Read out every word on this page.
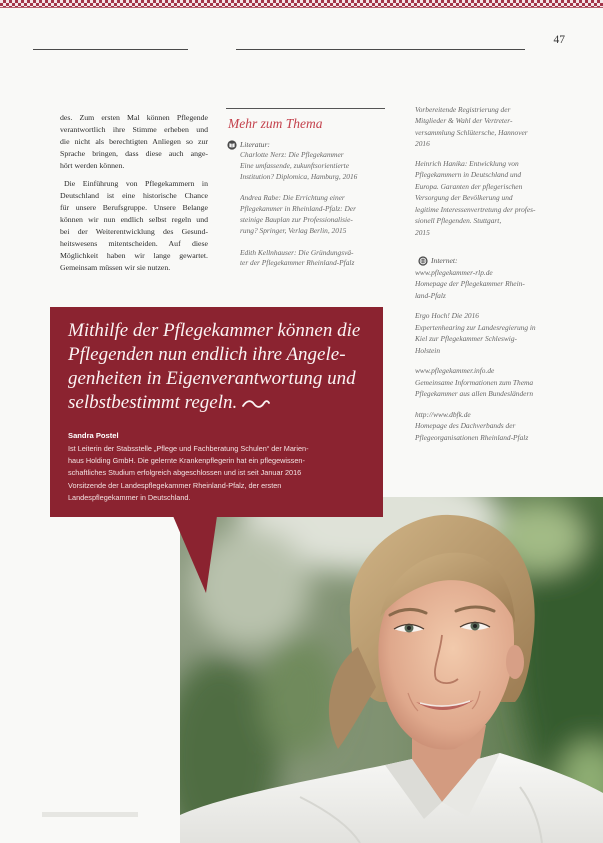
47
des. Zum ersten Mal können Pflegende
verantwortlich ihre Stimme erheben und
die nicht als berechtigten Anliegen so zur
Sprache bringen, dass diese auch ange-
hört werden können.
Die Einführung von Pflegekammern in
Deutschland ist eine historische Chance
für unsere Berufsgruppe. Unsere Belange
können wir nun endlich selbst regeln und
bei der Weiterentwicklung des Gesund-
heitswesens mitentscheiden. Auf diese
Möglichkeit haben wir lange gewartet.
Gemeinsam müssen wir sie nutzen.
Mehr zum Thema
Literatur:
Charlotte Nerz: Die Pflegekammer
Eine umfassende, zukunftsorientierte
Institution? Diplomica, Hamburg, 2016
Andrea Rabe: Die Errichtung einer
Pflegekammer in Rheinland-Pfalz: Der
steinige Bauplan zur Professionalisie-
rung? Springer, Verlag Berlin, 2015
Edith Kellnhauser: Die Gründungsvä-
ter der Pflegekammer Rheinland-Pfalz
Vorbereitende Registrierung der
Mitglieder & Wahl der Vertreter-
versammlung Schlütersche, Hannover
2016
Heinrich Hanika: Entwicklung von
Pflegekammern in Deutschland und
Europa. Garanten der pflegerischen
Versorgung der Bevölkerung und
legitime Interessenvertretung der profes-
sionell Pflegenden. Stuttgart,
2015
Internet:
www.pflegekammer-rlp.de
Homepage der Pflegekammer Rhein-
land-Pfalz
Ergo Hoch! Die 2016
Expertenhearing zur Landesregierung in
Kiel zur Pflegekammer Schleswig-
Holstein
www.pflegekammer.info.de
Gemeinsame Informationen zum Thema
Pflegekammer aus allen Bundesländern
http://www.dbfk.de
Homepage des Dachverbands der
Pflegeorganisationen Rheinland-Pfalz
Mithilfe der Pflegekammer können die
Pflegenden nun endlich ihre Angele-
genheiten in Eigenverantwortung und
selbstbestimmt regeln.
Sandra Postel
Ist Leiterin der Stabsstelle „Pflege und Fachberatung Schulen“ der Marien-
haus Holding GmbH. Die gelernte Krankenpflegerin hat ein pflegewissen-
schaftliches Studium erfolgreich abgeschlossen und ist seit Januar 2016
Vorsitzende der Landespflegekammer Rheinland-Pfalz, der ersten
Landespflegekammer in Deutschland.
